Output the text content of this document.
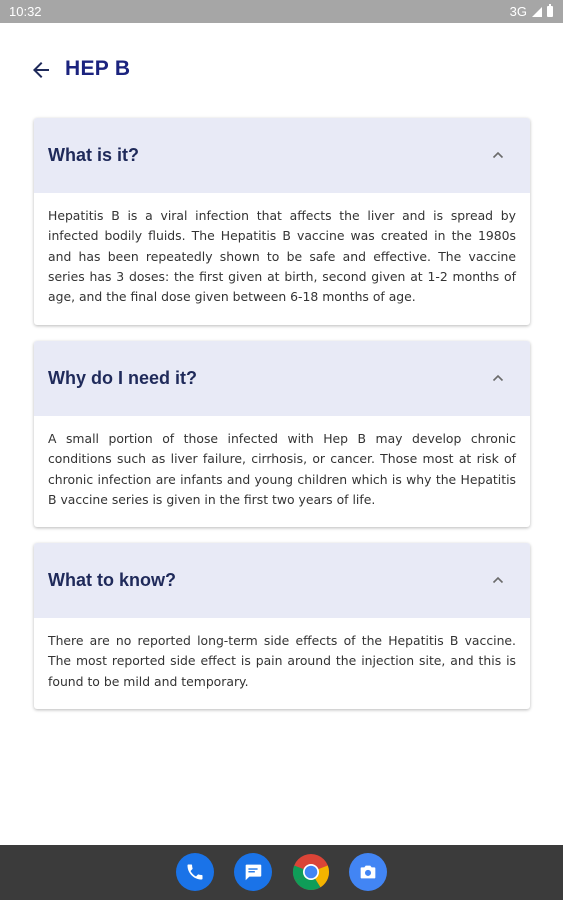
10:32	3G
HEP B
What is it?

Hepatitis B is a viral infection that affects the liver and is spread by infected bodily fluids. The Hepatitis B vaccine was created in the 1980s and has been repeatedly shown to be safe and effective. The vaccine series has 3 doses: the first given at birth, second given at 1-2 months of age, and the final dose given between 6-18 months of age.

Why do I need it?

A small portion of those infected with Hep B may develop chronic conditions such as liver failure, cirrhosis, or cancer. Those most at risk of chronic infection are infants and young children which is why the Hepatitis B vaccine series is given in the first two years of life.

What to know?

There are no reported long-term side effects of the Hepatitis B vaccine. The most reported side effect is pain around the injection site, and this is found to be mild and temporary.
